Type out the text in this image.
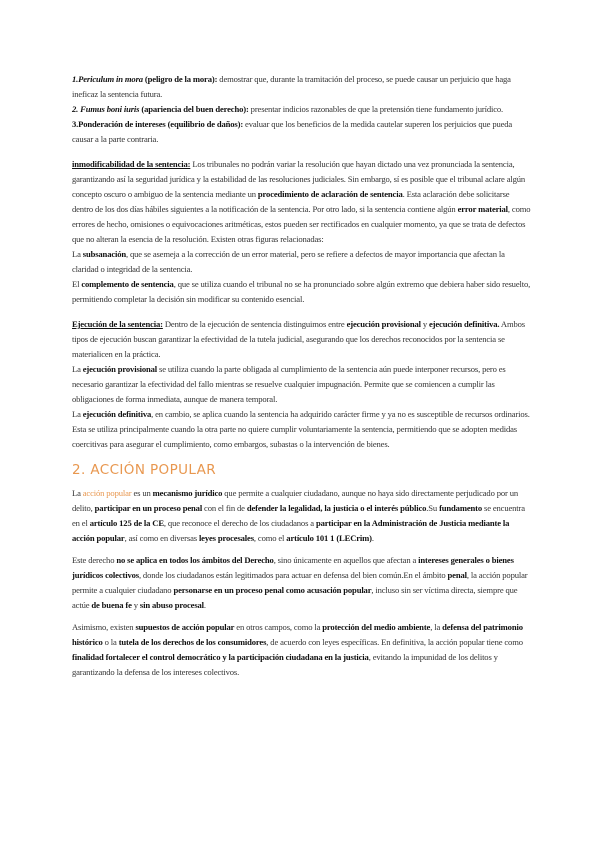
1.Periculum in mora (peligro de la mora): demostrar que, durante la tramitación del proceso, se puede causar un perjuicio que haga ineficaz la sentencia futura.

2. Fumus boni iuris (apariencia del buen derecho): presentar indicios razonables de que la pretensión tiene fundamento jurídico.

3.Ponderación de intereses (equilibrio de daños): evaluar que los beneficios de la medida cautelar superen los perjuicios que pueda causar a la parte contraria.

inmodificabilidad de la sentencia: Los tribunales no podrán variar la resolución que hayan dictado una vez pronunciada la sentencia, garantizando así la seguridad jurídica y la estabilidad de las resoluciones judiciales. Sin embargo, sí es posible que el tribunal aclare algún concepto oscuro o ambiguo de la sentencia mediante un procedimiento de aclaración de sentencia. Esta aclaración debe solicitarse dentro de los dos días hábiles siguientes a la notificación de la sentencia. Por otro lado, si la sentencia contiene algún error material, como errores de hecho, omisiones o equivocaciones aritméticas, estos pueden ser rectificados en cualquier momento, ya que se trata de defectos que no alteran la esencia de la resolución. Existen otras figuras relacionadas:

La subsanación, que se asemeja a la corrección de un error material, pero se refiere a defectos de mayor importancia que afectan la claridad o integridad de la sentencia.

El complemento de sentencia, que se utiliza cuando el tribunal no se ha pronunciado sobre algún extremo que debiera haber sido resuelto, permitiendo completar la decisión sin modificar su contenido esencial.

Ejecución de la sentencia: Dentro de la ejecución de sentencia distinguimos entre ejecución provisional y ejecución definitiva. Ambos tipos de ejecución buscan garantizar la efectividad de la tutela judicial, asegurando que los derechos reconocidos por la sentencia se materialicen en la práctica.

La ejecución provisional se utiliza cuando la parte obligada al cumplimiento de la sentencia aún puede interponer recursos, pero es necesario garantizar la efectividad del fallo mientras se resuelve cualquier impugnación. Permite que se comiencen a cumplir las obligaciones de forma inmediata, aunque de manera temporal.

La ejecución definitiva, en cambio, se aplica cuando la sentencia ha adquirido carácter firme y ya no es susceptible de recursos ordinarios. Esta se utiliza principalmente cuando la otra parte no quiere cumplir voluntariamente la sentencia, permitiendo que se adopten medidas coercitivas para asegurar el cumplimiento, como embargos, subastas o la intervención de bienes.

2. ACCIÓN POPULAR

La acción popular es un mecanismo jurídico que permite a cualquier ciudadano, aunque no haya sido directamente perjudicado por un delito, participar en un proceso penal con el fin de defender la legalidad, la justicia o el interés público.Su fundamento se encuentra en el artículo 125 de la CE, que reconoce el derecho de los ciudadanos a participar en la Administración de Justicia mediante la acción popular, así como en diversas leyes procesales, como el artículo 101 1 (LECrim).

Este derecho no se aplica en todos los ámbitos del Derecho, sino únicamente en aquellos que afectan a intereses generales o bienes jurídicos colectivos, donde los ciudadanos están legitimados para actuar en defensa del bien común.En el ámbito penal, la acción popular permite a cualquier ciudadano personarse en un proceso penal como acusación popular, incluso sin ser víctima directa, siempre que actúe de buena fe y sin abuso procesal.

Asimismo, existen supuestos de acción popular en otros campos, como la protección del medio ambiente, la defensa del patrimonio histórico o la tutela de los derechos de los consumidores, de acuerdo con leyes específicas. En definitiva, la acción popular tiene como finalidad fortalecer el control democrático y la participación ciudadana en la justicia, evitando la impunidad de los delitos y garantizando la defensa de los intereses colectivos.
